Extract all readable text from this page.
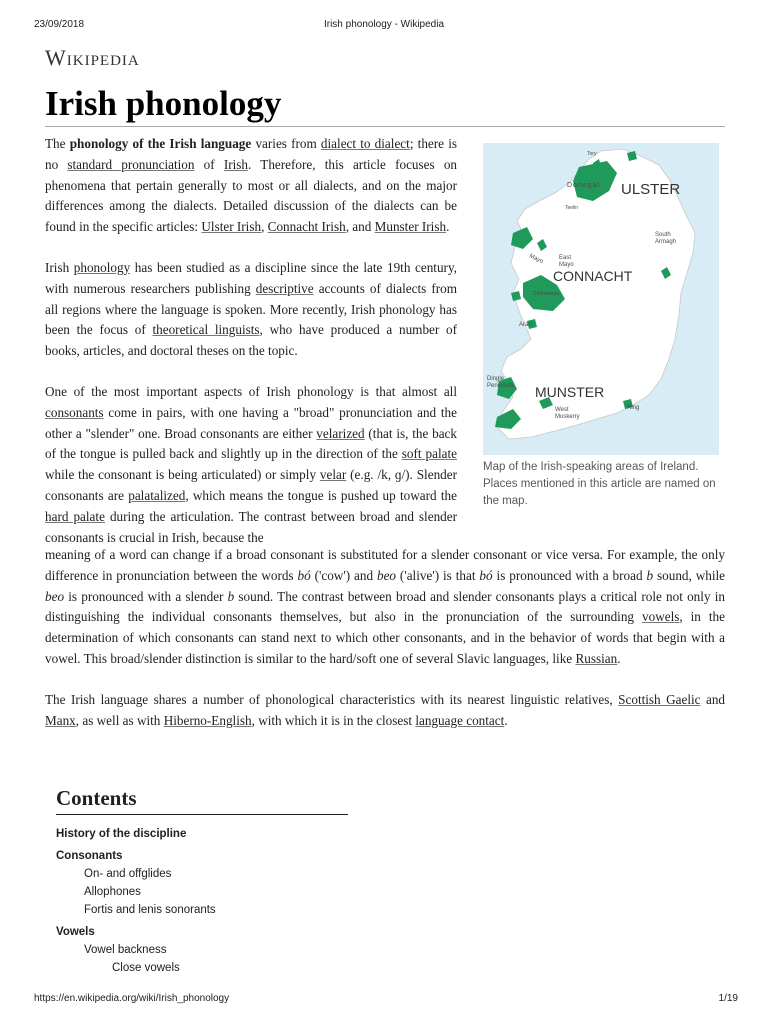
23/09/2018	Irish phonology - Wikipedia
Wikipedia
Irish phonology

The phonology of the Irish language varies from dialect to dialect; there is no standard pronunciation of Irish. Therefore, this article focuses on phenomena that pertain generally to most or all dialects, and on the major differences among the dialects. Detailed discussion of the dialects can be found in the specific articles: Ulster Irish, Connacht Irish, and Munster Irish.

Irish phonology has been studied as a discipline since the late 19th century, with numerous researchers publishing descriptive accounts of dialects from all regions where the language is spoken. More recently, Irish phonology has been the focus of theoretical linguists, who have produced a number of books, articles, and doctoral theses on the topic.

One of the most important aspects of Irish phonology is that almost all consonants come in pairs, with one having a "broad" pronunciation and the other a "slender" one. Broad consonants are either velarized (that is, the back of the tongue is pulled back and slightly up in the direction of the soft palate while the consonant is being articulated) or simply velar (e.g. /k, ɡ/). Slender consonants are palatalized, which means the tongue is pushed up toward the hard palate during the articulation. The contrast between broad and slender consonants is crucial in Irish, because the

ULSTER
CONNACHT
MUNSTER
Tory
Donegal
Teelin
South
Armagh
East
Mayo
Mayo
Connemara
Aran
Dingle
Peninsula
West
Muskerry
Ring
Map of the Irish-speaking areas of Ireland. Places mentioned in this article are named on the map.

meaning of a word can change if a broad consonant is substituted for a slender consonant or vice versa. For example, the only difference in pronunciation between the words bó ('cow') and beo ('alive') is that bó is pronounced with a broad b sound, while beo is pronounced with a slender b sound. The contrast between broad and slender consonants plays a critical role not only in distinguishing the individual consonants themselves, but also in the pronunciation of the surrounding vowels, in the determination of which consonants can stand next to which other consonants, and in the behavior of words that begin with a vowel. This broad/slender distinction is similar to the hard/soft one of several Slavic languages, like Russian.

The Irish language shares a number of phonological characteristics with its nearest linguistic relatives, Scottish Gaelic and Manx, as well as with Hiberno-English, with which it is in the closest language contact.

Contents
History of the discipline
Consonants
On- and offglides
Allophones
Fortis and lenis sonorants
Vowels
Vowel backness
Close vowels
https://en.wikipedia.org/wiki/Irish_phonology	1/19
